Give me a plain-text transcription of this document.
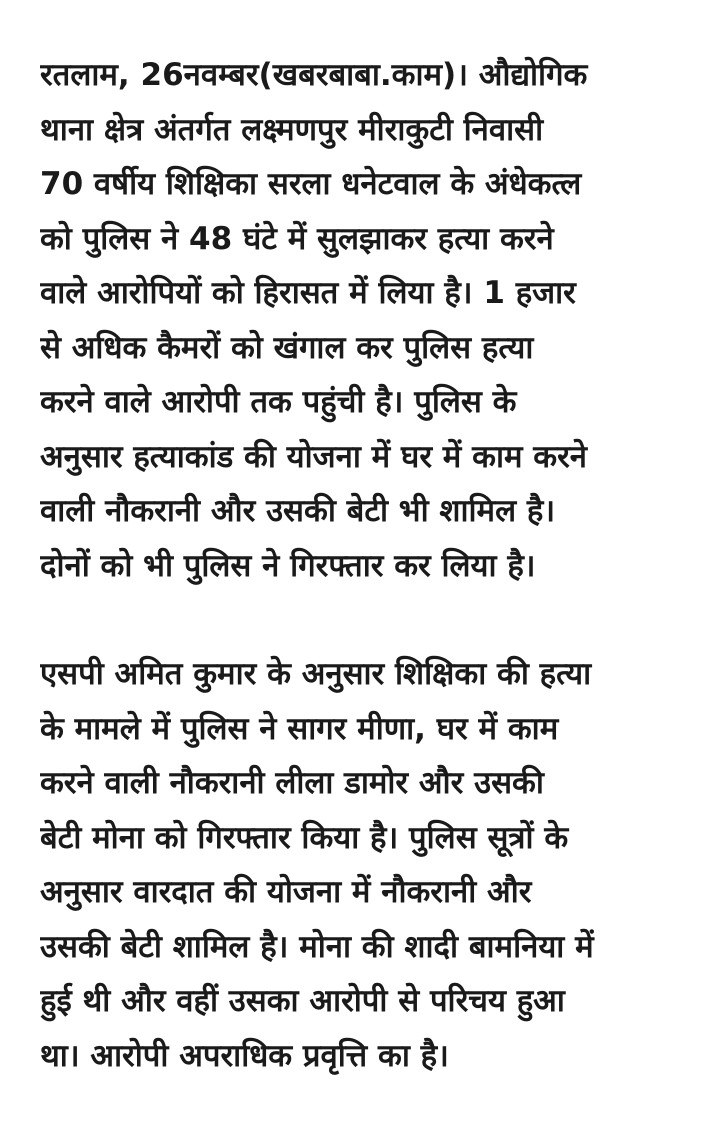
रतलाम, 26नवम्बर(खबरबाबा.काम)। औद्योगिक
थाना क्षेत्र अंतर्गत लक्ष्मणपुर मीराकुटी निवासी
70 वर्षीय शिक्षिका सरला धनेटवाल के अंधेकत्ल
को पुलिस ने 48 घंटे में सुलझाकर हत्या करने
वाले आरोपियों को हिरासत में लिया है। 1 हजार
से अधिक कैमरों को खंगाल कर पुलिस हत्या
करने वाले आरोपी तक पहुंची है। पुलिस के
अनुसार हत्याकांड की योजना में घर में काम करने
वाली नौकरानी और उसकी बेटी भी शामिल है।
दोनों को भी पुलिस ने गिरफ्तार कर लिया है।

एसपी अमित कुमार के अनुसार शिक्षिका की हत्या
के मामले में पुलिस ने सागर मीणा, घर में काम
करने वाली नौकरानी लीला डामोर और उसकी
बेटी मोना को गिरफ्तार किया है। पुलिस सूत्रों के
अनुसार वारदात की योजना में नौकरानी और
उसकी बेटी शामिल है। मोना की शादी बामनिया में
हुई थी और वहीं उसका आरोपी से परिचय हुआ
था। आरोपी अपराधिक प्रवृत्ति का है।
